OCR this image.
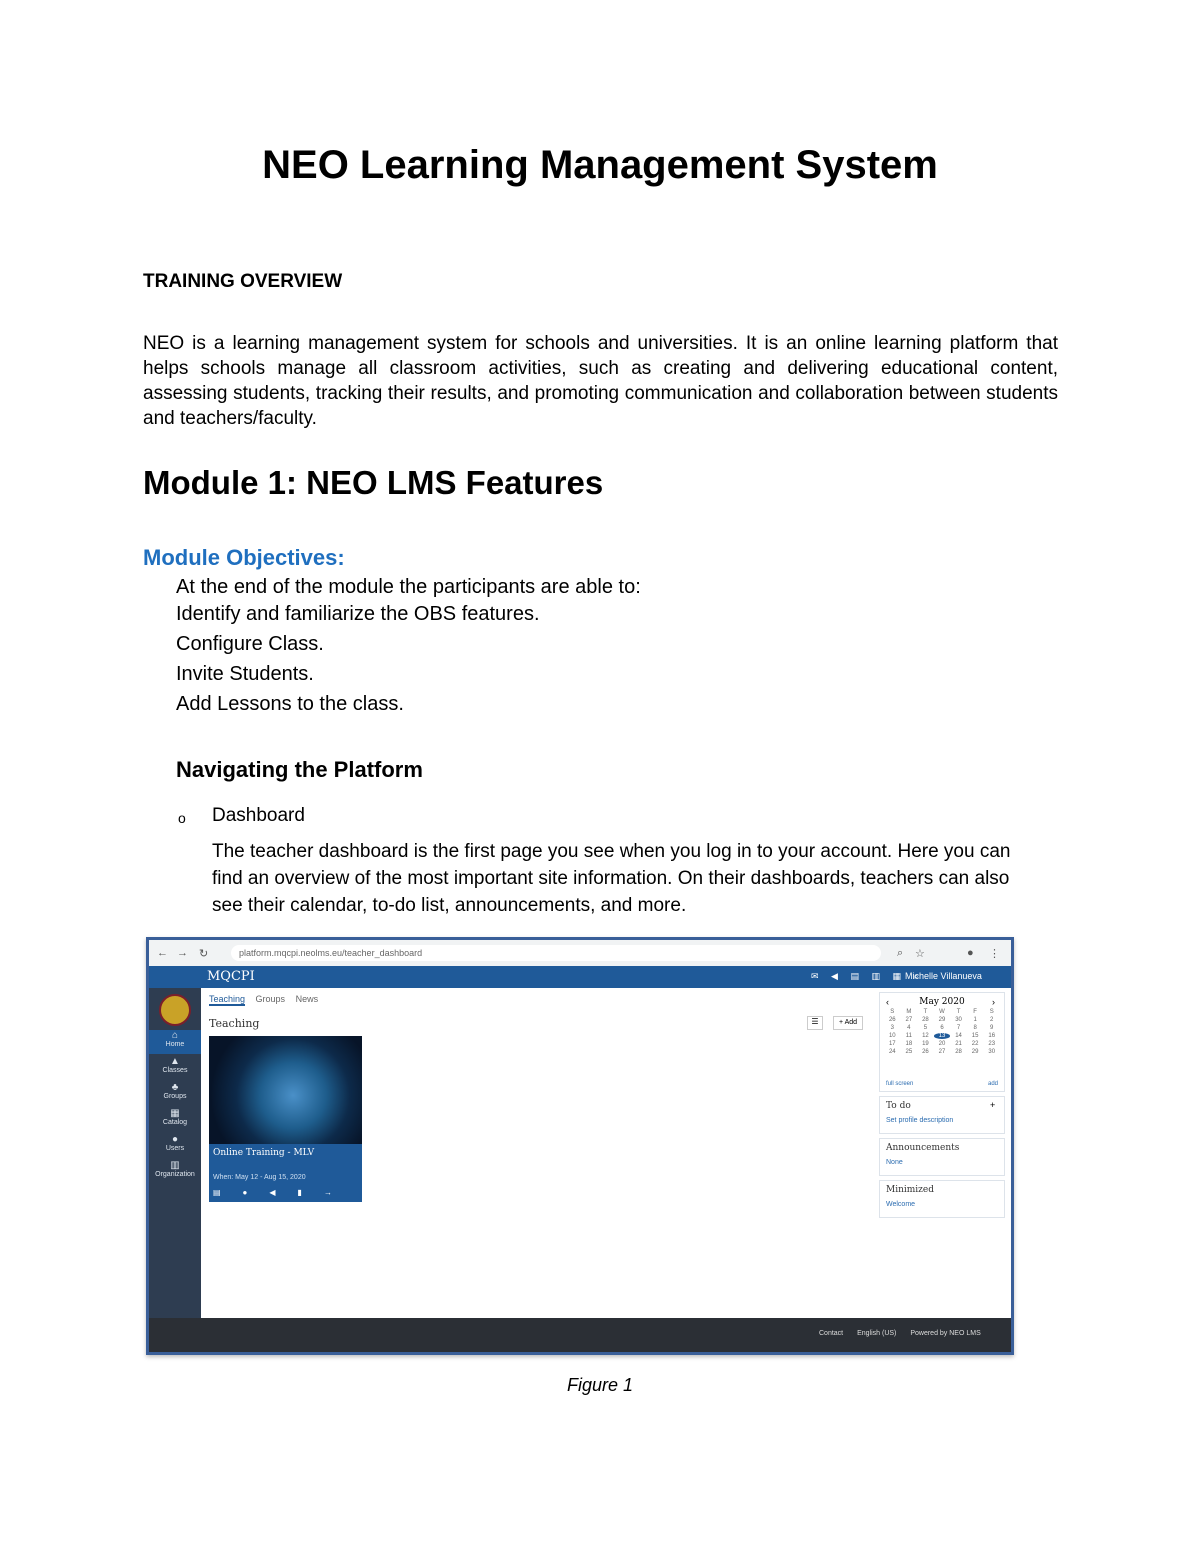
NEO Learning Management System
TRAINING OVERVIEW
NEO is a learning management system for schools and universities. It is an online learning platform that helps schools manage all classroom activities, such as creating and delivering educational content, assessing students, tracking their results, and promoting communication and collaboration between students and teachers/faculty.
Module 1: NEO LMS Features
Module Objectives:
At the end of the module the participants are able to:
Identify and familiarize the OBS features.
Configure Class.
Invite Students.
Add Lessons to the class.
Navigating the Platform
o Dashboard
The teacher dashboard is the first page you see when you log in to your account. Here you can find an overview of the most important site information. On their dashboards, teachers can also see their calendar, to-do list, announcements, and more.
← → ↻	platform.mqcpi.neolms.eu/teacher_dashboard	⌕ ☆	● ⋮
MQCPI	✉ ◀ ▤ ▥ ▦ ⌕
Michelle Villanueva
⌂
Home
▲
Classes
♣
Groups
▦
Catalog
●
Users
▥
Organization
Teaching Groups News
Teaching	☰	+ Add
Online Training - MLV
When: May 12 - Aug 15, 2020
▤●◀▮→
‹	May 2020	›
S	M	T	W	T	F	S
26	27	28	29	30	1	2
3	4	5	6	7	8	9
10	11	12	13	14	15	16
17	18	19	20	21	22	23
24	25	26	27	28	29	30
full screen	add
To do	+
Set profile description
Announcements
None
Minimized
Welcome
Contact English (US) Powered by NEO LMS
Figure 1
